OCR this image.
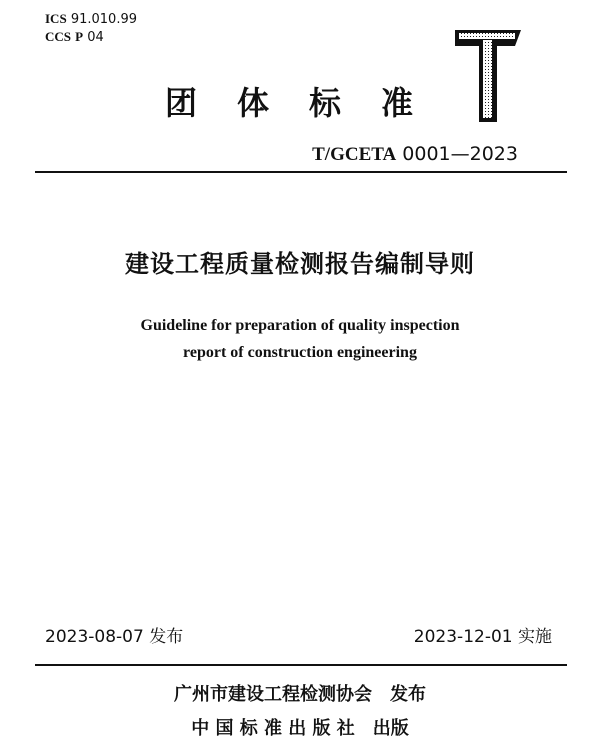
ICS 91.010.99
CCS P 04
团体标准
T/GCETA 0001—2023
建设工程质量检测报告编制导则
Guideline for preparation of quality inspection
report of construction engineering
2023-08-07 发布	2023-12-01 实施
广州市建设工程检测协会　发布
中 国 标 准 出 版 社　出版
